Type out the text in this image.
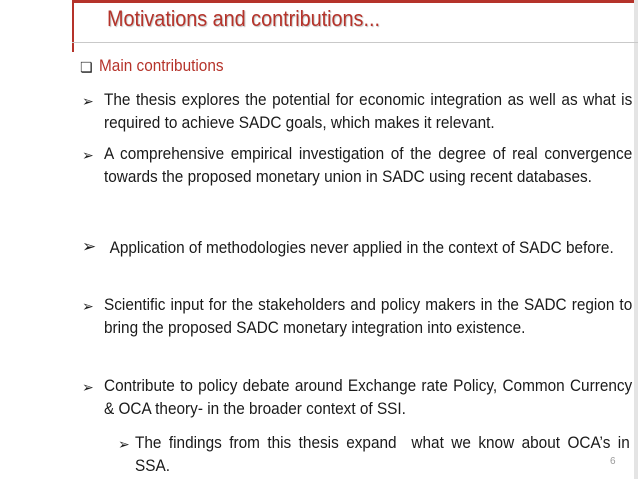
Motivations and contributions...
❏ Main contributions
➢ The thesis explores the potential for economic integration as well as what is required to achieve SADC goals, which makes it relevant.
➢ A comprehensive empirical investigation of the degree of real convergence towards the proposed monetary union in SADC using recent databases.
➢ Application of methodologies never applied in the context of SADC before.
➢ Scientific input for the stakeholders and policy makers in the SADC region to bring the proposed SADC monetary integration into existence.
➢ Contribute to policy debate around Exchange rate Policy, Common Currency & OCA theory- in the broader context of SSI.
➢ The findings from this thesis expand  what we know about OCA’s in SSA.	6
